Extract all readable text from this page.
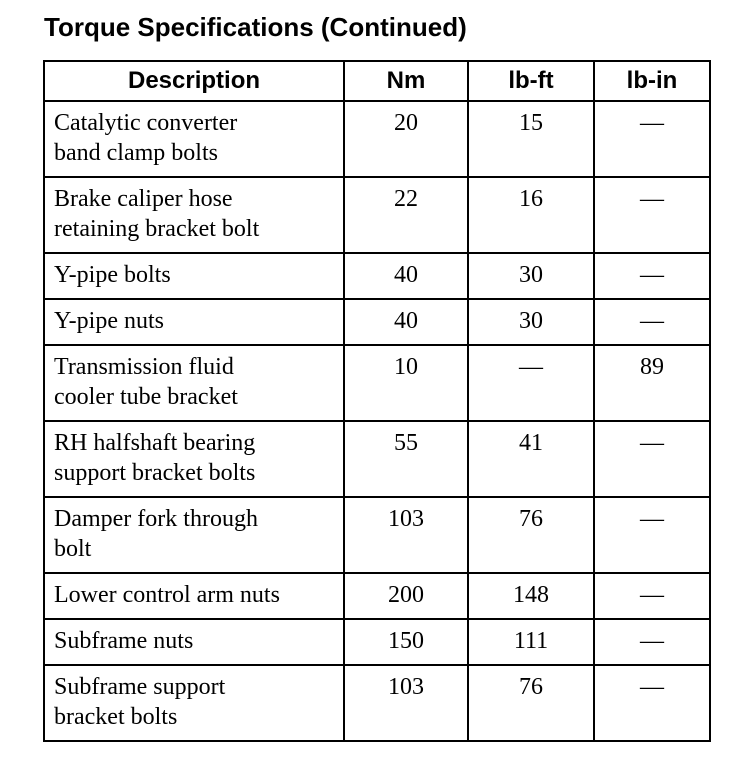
Torque Specifications (Continued)
Description	Nm	lb-ft	lb-in

Catalytic converter
band clamp bolts	20	15	—

Brake caliper hose
retaining bracket bolt	22	16	—

Y-pipe bolts	40	30	—

Y-pipe nuts	40	30	—

Transmission fluid
cooler tube bracket	10	—	89

RH halfshaft bearing
support bracket bolts	55	41	—

Damper fork through
bolt	103	76	—

Lower control arm nuts	200	148	—

Subframe nuts	150	111	—

Subframe support
bracket bolts	103	76	—
